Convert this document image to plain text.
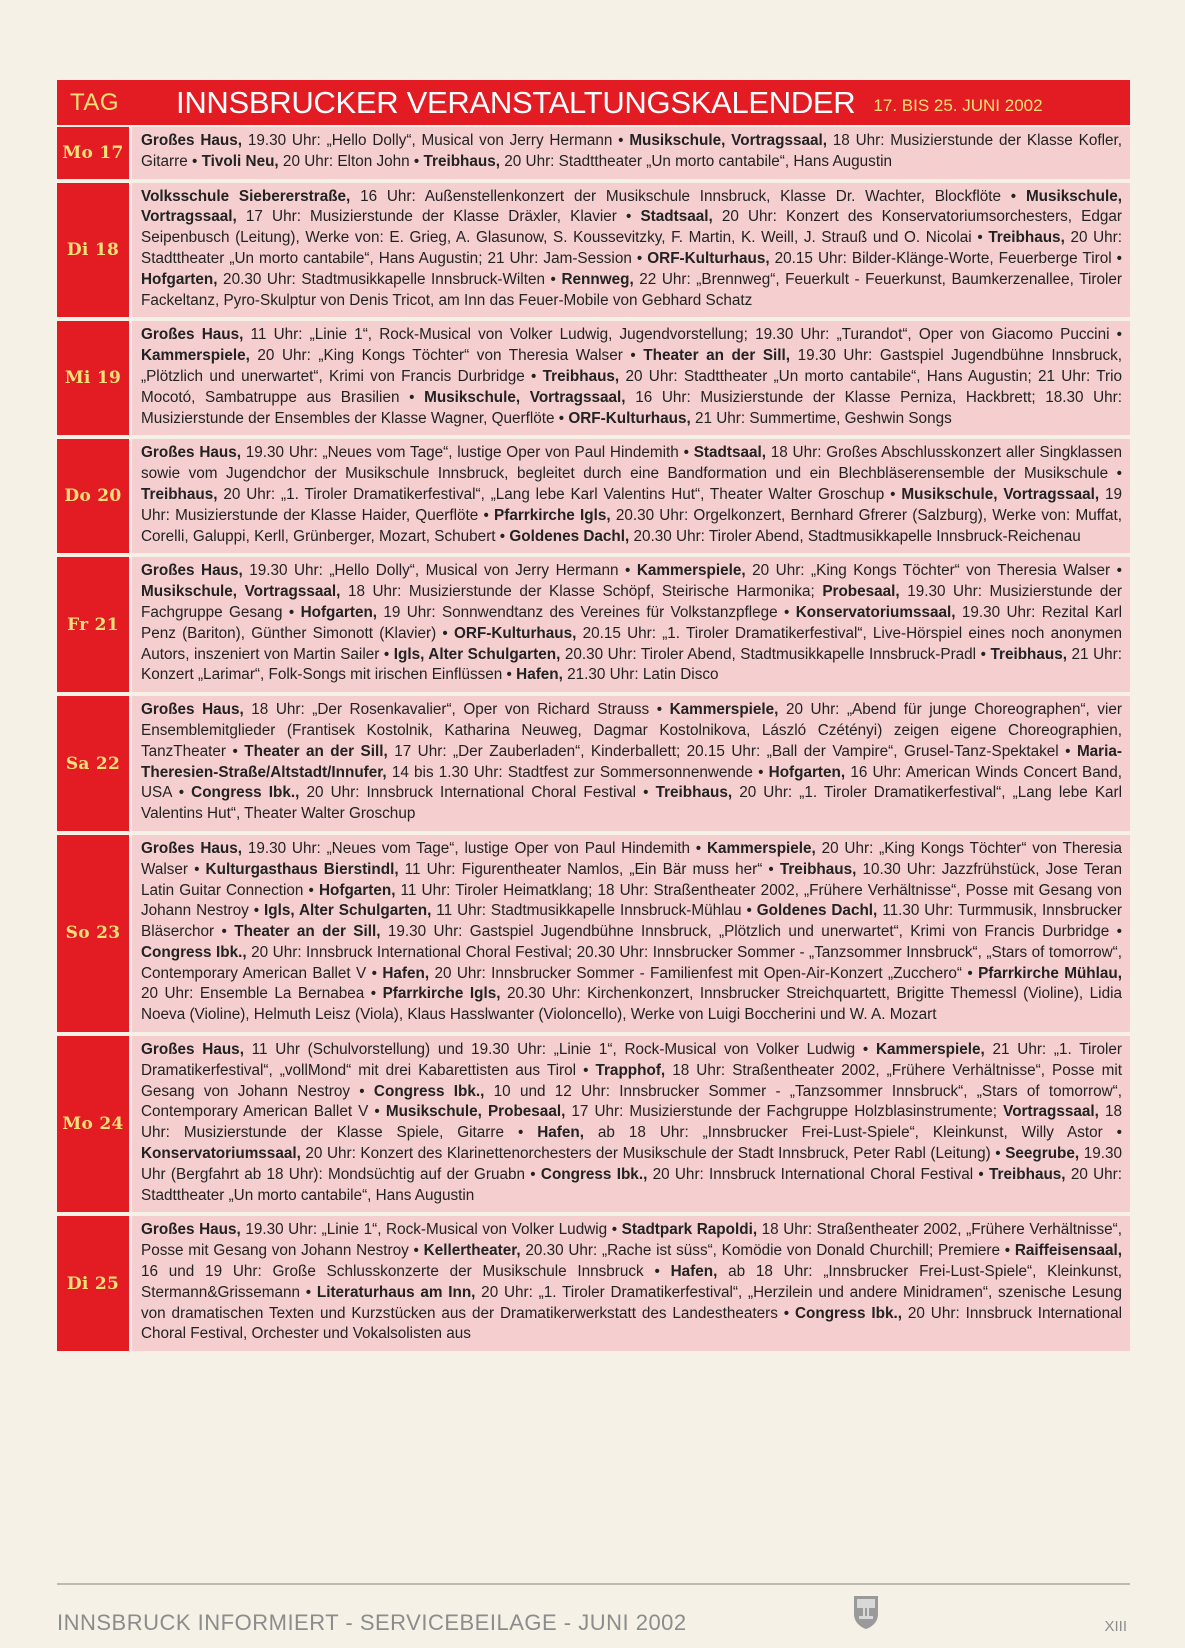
TAG	INNSBRUCKER VERANSTALTUNGSKALENDER 17. BIS 25. JUNI 2002
Mo 17
Großes Haus, 19.30 Uhr: „Hello Dolly“, Musical von Jerry Hermann • Musikschule, Vortragssaal, 18 Uhr: Musizierstunde der Klasse Kofler, Gitarre • Tivoli Neu, 20 Uhr: Elton John • Treibhaus, 20 Uhr: Stadttheater „Un morto cantabile“, Hans Augustin
Di 18
Volksschule Siebererstraße, 16 Uhr: Außenstellenkonzert der Musikschule Innsbruck, Klasse Dr. Wachter, Blockflöte • Musikschule, Vortragssaal, 17 Uhr: Musizierstunde der Klasse Dräxler, Klavier • Stadtsaal, 20 Uhr: Konzert des Konservatoriumsorchesters, Edgar Seipenbusch (Leitung), Werke von: E. Grieg, A. Glasunow, S. Koussevitzky, F. Martin, K. Weill, J. Strauß und O. Nicolai • Treibhaus, 20 Uhr: Stadttheater „Un morto cantabile“, Hans Augustin; 21 Uhr: Jam-Session • ORF-Kulturhaus, 20.15 Uhr: Bilder-Klänge-Worte, Feuerberge Tirol • Hofgarten, 20.30 Uhr: Stadtmusikkapelle Innsbruck-Wilten • Rennweg, 22 Uhr: „Brennweg“, Feuerkult - Feuerkunst, Baumkerzenallee, Tiroler Fackeltanz, Pyro-Skulptur von Denis Tricot, am Inn das Feuer-Mobile von Gebhard Schatz
Mi 19
Großes Haus, 11 Uhr: „Linie 1“, Rock-Musical von Volker Ludwig, Jugendvorstellung; 19.30 Uhr: „Turandot“, Oper von Giacomo Puccini • Kammerspiele, 20 Uhr: „King Kongs Töchter“ von Theresia Walser • Theater an der Sill, 19.30 Uhr: Gastspiel Jugendbühne Innsbruck, „Plötzlich und unerwartet“, Krimi von Francis Durbridge • Treibhaus, 20 Uhr: Stadttheater „Un morto cantabile“, Hans Augustin; 21 Uhr: Trio Mocotó, Sambatruppe aus Brasilien • Musikschule, Vortragssaal, 16 Uhr: Musizierstunde der Klasse Perniza, Hackbrett; 18.30 Uhr: Musizierstunde der Ensembles der Klasse Wagner, Querflöte • ORF-Kulturhaus, 21 Uhr: Summertime, Geshwin Songs
Do 20
Großes Haus, 19.30 Uhr: „Neues vom Tage“, lustige Oper von Paul Hindemith • Stadtsaal, 18 Uhr: Großes Abschlusskonzert aller Singklassen sowie vom Jugendchor der Musikschule Innsbruck, begleitet durch eine Bandformation und ein Blechbläserensemble der Musikschule • Treibhaus, 20 Uhr: „1. Tiroler Dramatikerfestival“, „Lang lebe Karl Valentins Hut“, Theater Walter Groschup • Musikschule, Vortragssaal, 19 Uhr: Musizierstunde der Klasse Haider, Querflöte • Pfarrkirche Igls, 20.30 Uhr: Orgelkonzert, Bernhard Gfrerer (Salzburg), Werke von: Muffat, Corelli, Galuppi, Kerll, Grünberger, Mozart, Schubert • Goldenes Dachl, 20.30 Uhr: Tiroler Abend, Stadtmusikkapelle Innsbruck-Reichenau
Fr 21
Großes Haus, 19.30 Uhr: „Hello Dolly“, Musical von Jerry Hermann • Kammerspiele, 20 Uhr: „King Kongs Töchter“ von Theresia Walser • Musikschule, Vortragssaal, 18 Uhr: Musizierstunde der Klasse Schöpf, Steirische Harmonika; Probesaal, 19.30 Uhr: Musizierstunde der Fachgruppe Gesang • Hofgarten, 19 Uhr: Sonnwendtanz des Vereines für Volkstanzpflege • Konservatoriumssaal, 19.30 Uhr: Rezital Karl Penz (Bariton), Günther Simonott (Klavier) • ORF-Kulturhaus, 20.15 Uhr: „1. Tiroler Dramatikerfestival“, Live-Hörspiel eines noch anonymen Autors, inszeniert von Martin Sailer • Igls, Alter Schulgarten, 20.30 Uhr: Tiroler Abend, Stadtmusikkapelle Innsbruck-Pradl • Treibhaus, 21 Uhr: Konzert „Larimar“, Folk-Songs mit irischen Einflüssen • Hafen, 21.30 Uhr: Latin Disco
Sa 22
Großes Haus, 18 Uhr: „Der Rosenkavalier“, Oper von Richard Strauss • Kammerspiele, 20 Uhr: „Abend für junge Choreographen“, vier Ensemblemitglieder (Frantisek Kostolnik, Katharina Neuweg, Dagmar Kostolnikova, László Czétényi) zeigen eigene Choreographien, TanzTheater • Theater an der Sill, 17 Uhr: „Der Zauberladen“, Kinderballett; 20.15 Uhr: „Ball der Vampire“, Grusel-Tanz-Spektakel • Maria-Theresien-Straße/Altstadt/Innufer, 14 bis 1.30 Uhr: Stadtfest zur Sommersonnenwende • Hofgarten, 16 Uhr: American Winds Concert Band, USA • Congress Ibk., 20 Uhr: Innsbruck International Choral Festival • Treibhaus, 20 Uhr: „1. Tiroler Dramatikerfestival“, „Lang lebe Karl Valentins Hut“, Theater Walter Groschup
So 23
Großes Haus, 19.30 Uhr: „Neues vom Tage“, lustige Oper von Paul Hindemith • Kammerspiele, 20 Uhr: „King Kongs Töchter“ von Theresia Walser • Kulturgasthaus Bierstindl, 11 Uhr: Figurentheater Namlos, „Ein Bär muss her“ • Treibhaus, 10.30 Uhr: Jazzfrühstück, Jose Teran Latin Guitar Connection • Hofgarten, 11 Uhr: Tiroler Heimatklang; 18 Uhr: Straßentheater 2002, „Frühere Verhältnisse“, Posse mit Gesang von Johann Nestroy • Igls, Alter Schulgarten, 11 Uhr: Stadtmusikkapelle Innsbruck-Mühlau • Goldenes Dachl, 11.30 Uhr: Turmmusik, Innsbrucker Bläserchor • Theater an der Sill, 19.30 Uhr: Gastspiel Jugendbühne Innsbruck, „Plötzlich und unerwartet“, Krimi von Francis Durbridge • Congress Ibk., 20 Uhr: Innsbruck International Choral Festival; 20.30 Uhr: Innsbrucker Sommer - „Tanzsommer Innsbruck“, „Stars of tomorrow“, Contemporary American Ballet V • Hafen, 20 Uhr: Innsbrucker Sommer - Familienfest mit Open-Air-Konzert „Zucchero“ • Pfarrkirche Mühlau, 20 Uhr: Ensemble La Bernabea • Pfarrkirche Igls, 20.30 Uhr: Kirchenkonzert, Innsbrucker Streichquartett, Brigitte Themessl (Violine), Lidia Noeva (Violine), Helmuth Leisz (Viola), Klaus Hasslwanter (Violoncello), Werke von Luigi Boccherini und W. A. Mozart
Mo 24
Großes Haus, 11 Uhr (Schulvorstellung) und 19.30 Uhr: „Linie 1“, Rock-Musical von Volker Ludwig • Kammerspiele, 21 Uhr: „1. Tiroler Dramatikerfestival“, „vollMond“ mit drei Kabarettisten aus Tirol • Trapphof, 18 Uhr: Straßentheater 2002, „Frühere Verhältnisse“, Posse mit Gesang von Johann Nestroy • Congress Ibk., 10 und 12 Uhr: Innsbrucker Sommer - „Tanzsommer Innsbruck“, „Stars of tomorrow“, Contemporary American Ballet V • Musikschule, Probesaal, 17 Uhr: Musizierstunde der Fachgruppe Holzblasinstrumente; Vortragssaal, 18 Uhr: Musizierstunde der Klasse Spiele, Gitarre • Hafen, ab 18 Uhr: „Innsbrucker Frei-Lust-Spiele“, Kleinkunst, Willy Astor • Konservatoriumssaal, 20 Uhr: Konzert des Klarinettenorchesters der Musikschule der Stadt Innsbruck, Peter Rabl (Leitung) • Seegrube, 19.30 Uhr (Bergfahrt ab 18 Uhr): Mondsüchtig auf der Gruabn • Congress Ibk., 20 Uhr: Innsbruck International Choral Festival • Treibhaus, 20 Uhr: Stadttheater „Un morto cantabile“, Hans Augustin
Di 25
Großes Haus, 19.30 Uhr: „Linie 1“, Rock-Musical von Volker Ludwig • Stadtpark Rapoldi, 18 Uhr: Straßentheater 2002, „Frühere Verhältnisse“, Posse mit Gesang von Johann Nestroy • Kellertheater, 20.30 Uhr: „Rache ist süss“, Komödie von Donald Churchill; Premiere • Raiffeisensaal, 16 und 19 Uhr: Große Schlusskonzerte der Musikschule Innsbruck • Hafen, ab 18 Uhr: „Innsbrucker Frei-Lust-Spiele“, Kleinkunst, Stermann&Grissemann • Literaturhaus am Inn, 20 Uhr: „1. Tiroler Dramatikerfestival“, „Herzilein und andere Minidramen“, szenische Lesung von dramatischen Texten und Kurzstücken aus der Dramatikerwerkstatt des Landestheaters • Congress Ibk., 20 Uhr: Innsbruck International Choral Festival, Orchester und Vokalsolisten aus
INNSBRUCK INFORMIERT - SERVICEBEILAGE - JUNI 2002	XIII
